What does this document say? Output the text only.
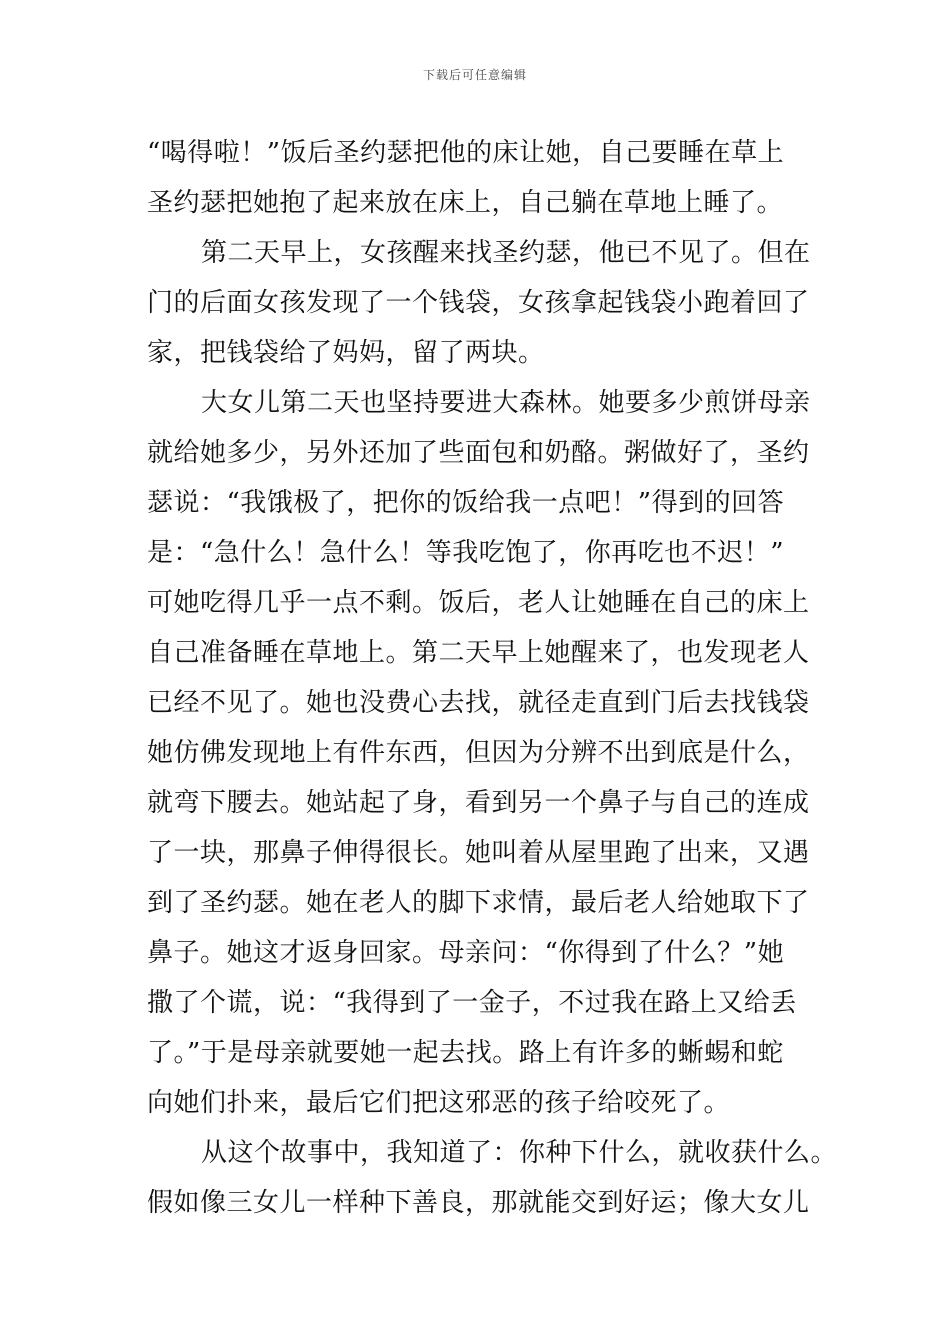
下载后可任意编辑
“喝得啦！”饭后圣约瑟把他的床让她，自己要睡在草上
圣约瑟把她抱了起来放在床上，自己躺在草地上睡了。
第二天早上，女孩醒来找圣约瑟，他已不见了。但在
门的后面女孩发现了一个钱袋，女孩拿起钱袋小跑着回了
家，把钱袋给了妈妈，留了两块。
大女儿第二天也坚持要进大森林。她要多少煎饼母亲
就给她多少，另外还加了些面包和奶酪。粥做好了，圣约
瑟说：“我饿极了，把你的饭给我一点吧！”得到的回答
是：“急什么！急什么！等我吃饱了，你再吃也不迟！”
可她吃得几乎一点不剩。饭后，老人让她睡在自己的床上
自己准备睡在草地上。第二天早上她醒来了，也发现老人
已经不见了。她也没费心去找，就径走直到门后去找钱袋
她仿佛发现地上有件东西，但因为分辨不出到底是什么，
就弯下腰去。她站起了身，看到另一个鼻子与自己的连成
了一块，那鼻子伸得很长。她叫着从屋里跑了出来，又遇
到了圣约瑟。她在老人的脚下求情，最后老人给她取下了
鼻子。她这才返身回家。母亲问：“你得到了什么？”她
撒了个谎，说：“我得到了一金子，不过我在路上又给丢
了。”于是母亲就要她一起去找。路上有许多的蜥蜴和蛇
向她们扑来，最后它们把这邪恶的孩子给咬死了。
从这个故事中，我知道了：你种下什么，就收获什么。
假如像三女儿一样种下善良，那就能交到好运；像大女儿
